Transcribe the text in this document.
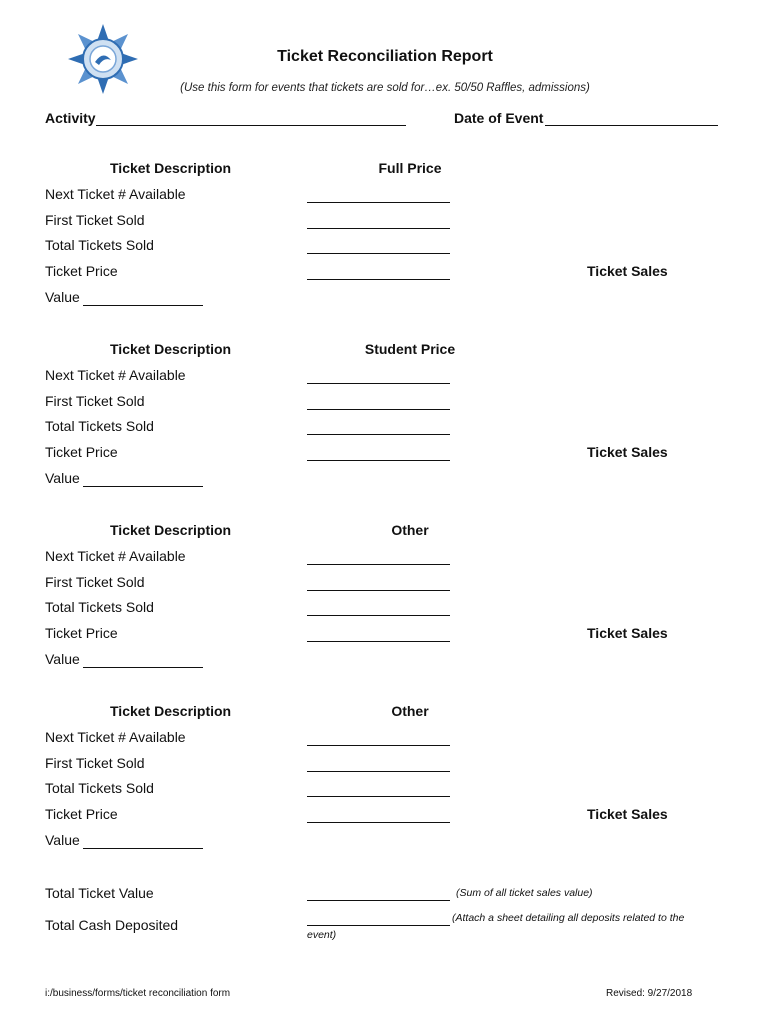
Ticket Reconciliation Report
(Use this form for events that tickets are sold for…ex. 50/50 Raffles, admissions)
Activity	Date of Event
Ticket Description	Full Price
Next Ticket # Available
First Ticket Sold
Total Tickets Sold
Ticket Price	Ticket Sales
Value
Ticket Description	Student Price
Next Ticket # Available
First Ticket Sold
Total Tickets Sold
Ticket Price	Ticket Sales
Value
Ticket Description	Other
Next Ticket # Available
First Ticket Sold
Total Tickets Sold
Ticket Price	Ticket Sales
Value
Ticket Description	Other
Next Ticket # Available
First Ticket Sold
Total Tickets Sold
Ticket Price	Ticket Sales
Value
Total Ticket Value	(Sum of all ticket sales value)
Total Cash Deposited	(Attach a sheet detailing all deposits related to the
event)
i:/business/forms/ticket reconciliation form	Revised: 9/27/2018
